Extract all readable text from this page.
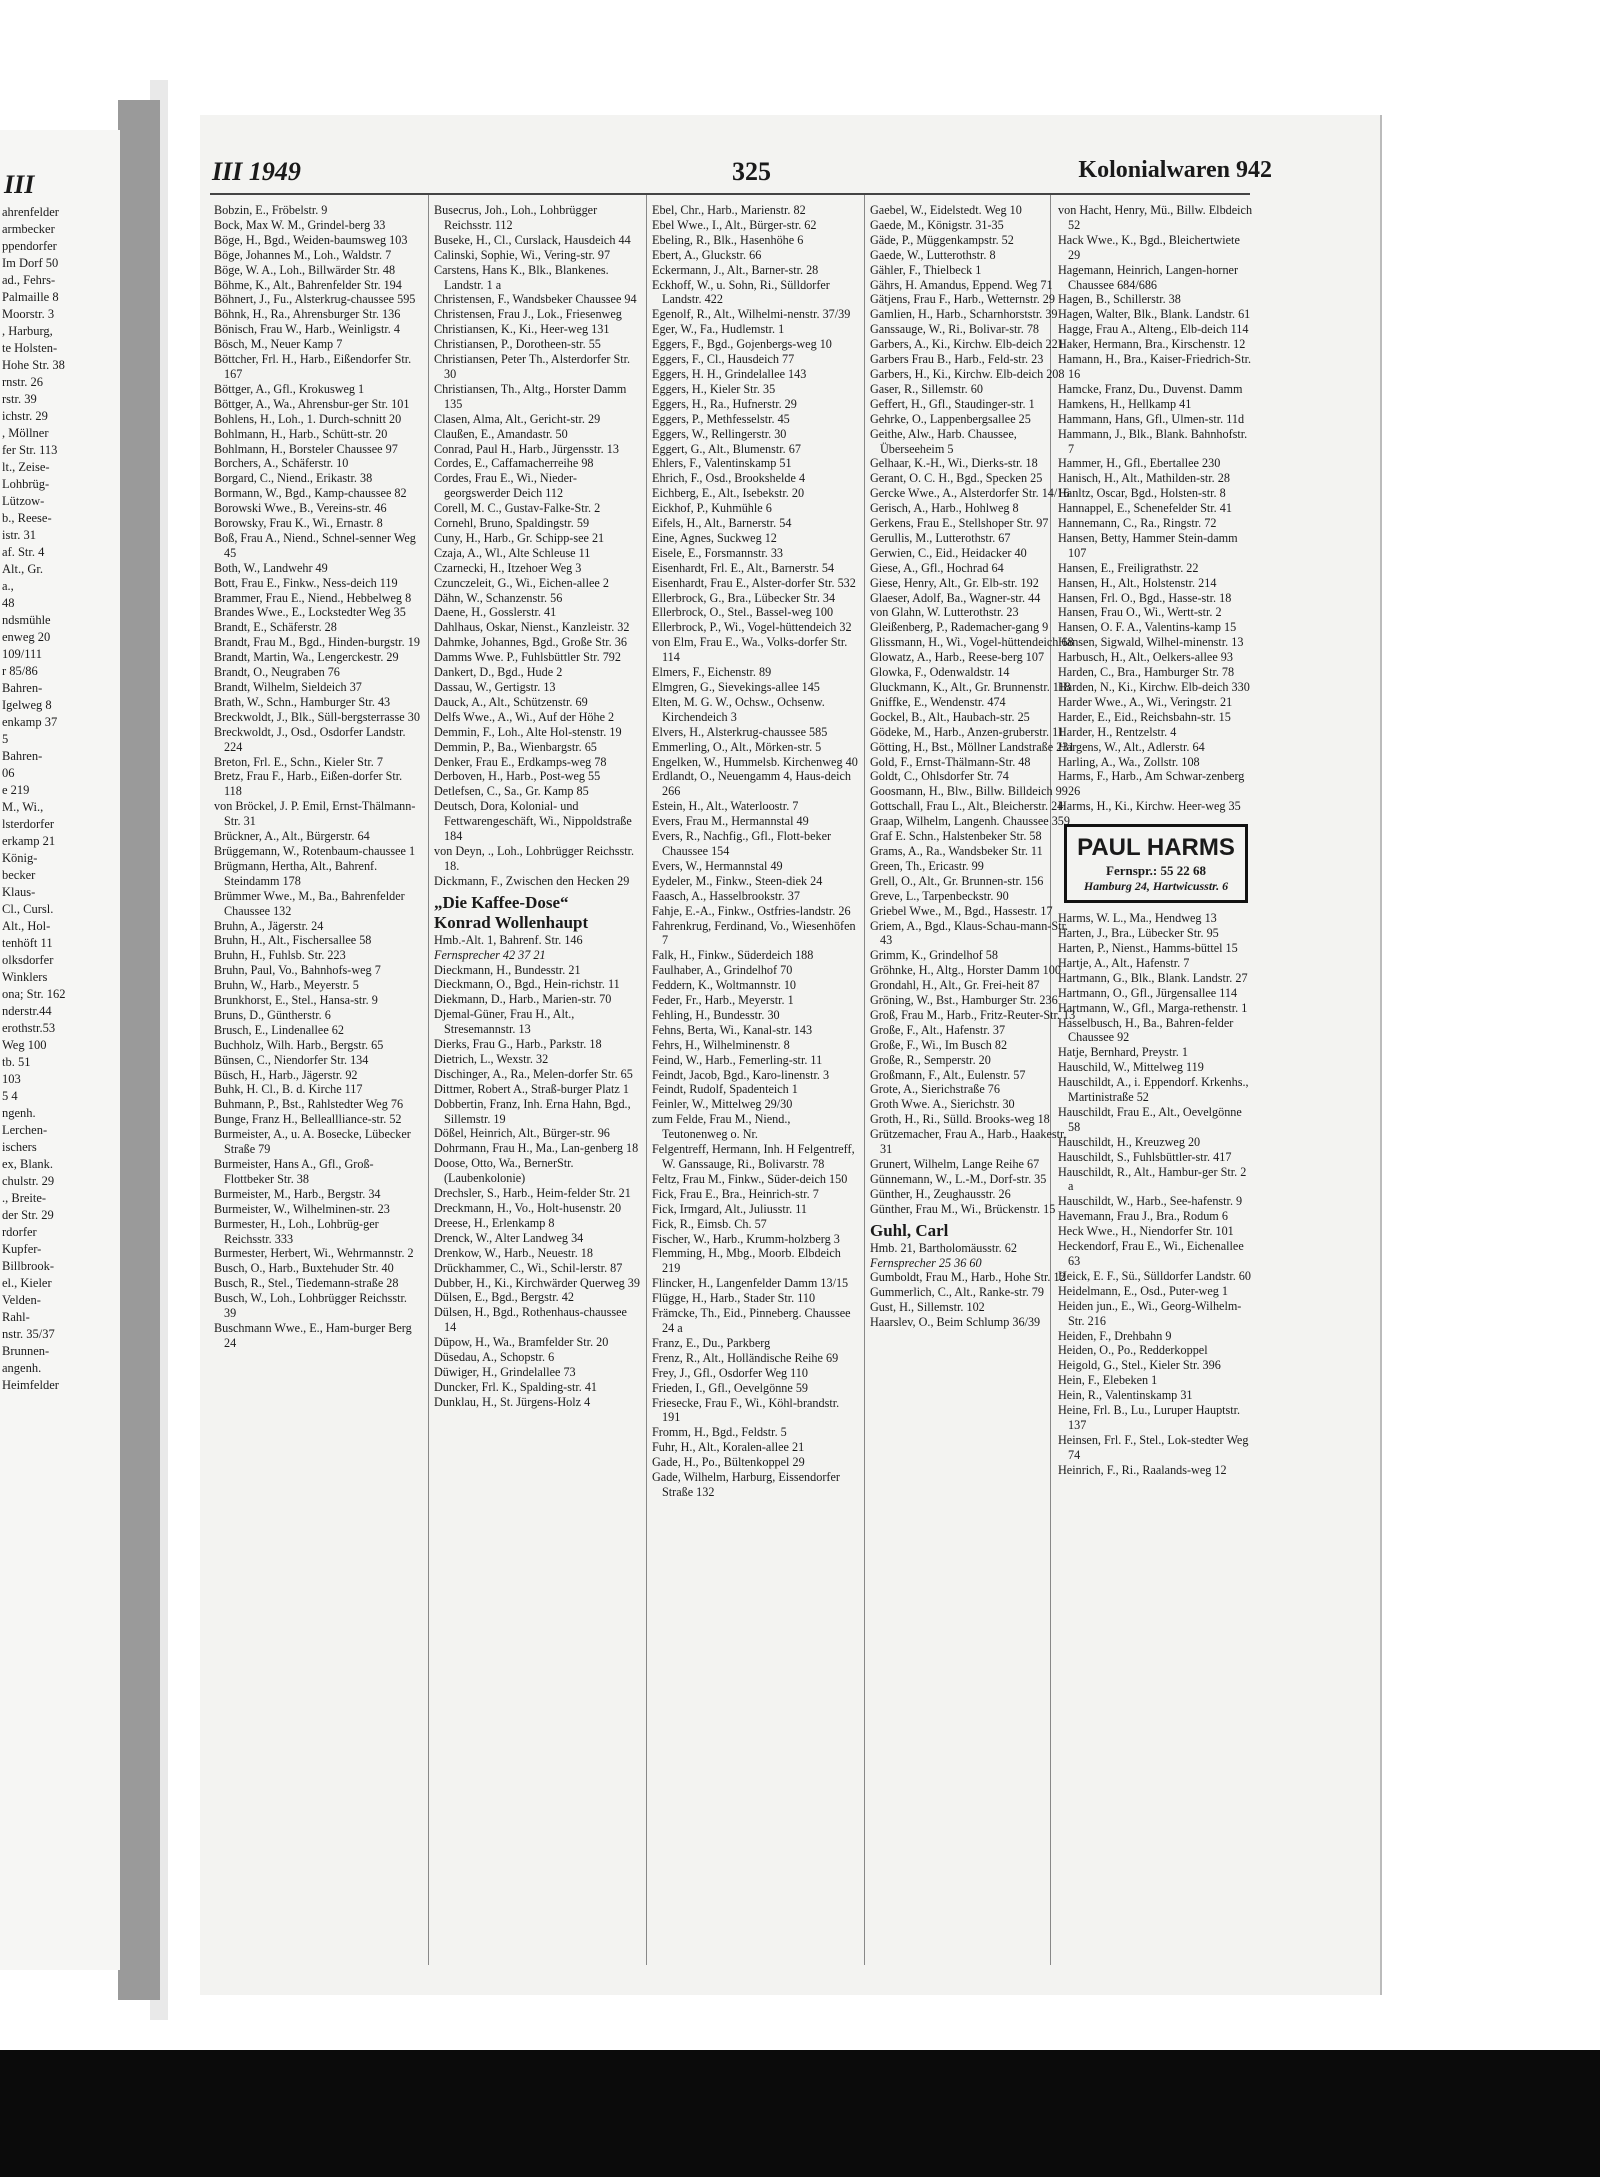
III
ahrenfelder
armbecker
ppendorfer
Im Dorf 50
ad., Fehrs-
Palmaille 8
Moorstr. 3
, Harburg,
te Holsten-
Hohe Str. 38
rnstr. 26
rstr. 39
ichstr. 29
, Möllner
fer Str. 113
lt., Zeise-
Lohbrüg-
Lützow-
b., Reese-
istr. 31
af. Str. 4
Alt., Gr.
a.,
48
ndsmühle
enweg 20
109/111
r 85/86
Bahren-
Igelweg 8
enkamp 37
5
Bahren-
06
e 219
M., Wi.,
lsterdorfer
erkamp 21
König-
becker
Klaus-
Cl., Cursl.
Alt., Hol-
tenhöft 11
olksdorfer
Winklers
ona; Str. 162
nderstr.44
erothstr.53
Weg 100
tb. 51
103
5 4
ngenh.
Lerchen-
ischers
ex, Blank.
chulstr. 29
., Breite-
der Str. 29
rdorfer
Kupfer-
Billbrook-
el., Kieler
Velden-
Rahl-
nstr. 35/37
Brunnen-
angenh.
Heimfelder
III 1949	325	Kolonialwaren 942

Bobzin, E., Fröbelstr. 9

Bock, Max W. M., Grindel-berg 33

Böge, H., Bgd., Weiden-baumsweg 103

Böge, Johannes M., Loh., Waldstr. 7

Böge, W. A., Loh., Billwärder Str. 48

Böhme, K., Alt., Bahrenfelder Str. 194

Böhnert, J., Fu., Alsterkrug-chaussee 595

Böhnk, H., Ra., Ahrensburger Str. 136

Bönisch, Frau W., Harb., Weinligstr. 4

Bösch, M., Neuer Kamp 7

Böttcher, Frl. H., Harb., Eißendorfer Str. 167

Böttger, A., Gfl., Krokusweg 1

Böttger, A., Wa., Ahrensbur-ger Str. 101

Bohlens, H., Loh., 1. Durch-schnitt 20

Bohlmann, H., Harb., Schütt-str. 20

Bohlmann, H., Borsteler Chaussee 97

Borchers, A., Schäferstr. 10

Borgard, C., Niend., Erikastr. 38

Bormann, W., Bgd., Kamp-chaussee 82

Borowski Wwe., B., Vereins-str. 46

Borowsky, Frau K., Wi., Ernastr. 8

Boß, Frau A., Niend., Schnel-senner Weg 45

Both, W., Landwehr 49

Bott, Frau E., Finkw., Ness-deich 119

Brammer, Frau E., Niend., Hebbelweg 8

Brandes Wwe., E., Lockstedter Weg 35

Brandt, E., Schäferstr. 28

Brandt, Frau M., Bgd., Hinden-burgstr. 19

Brandt, Martin, Wa., Lengerckestr. 29

Brandt, O., Neugraben 76

Brandt, Wilhelm, Sieldeich 37

Brath, W., Schn., Hamburger Str. 43

Breckwoldt, J., Blk., Süll-bergsterrasse 30

Breckwoldt, J., Osd., Osdorfer Landstr. 224

Breton, Frl. E., Schn., Kieler Str. 7

Bretz, Frau F., Harb., Eißen-dorfer Str. 118

von Bröckel, J. P. Emil, Ernst-Thälmann-Str. 31

Brückner, A., Alt., Bürgerstr. 64

Brüggemann, W., Rotenbaum-chaussee 1

Brügmann, Hertha, Alt., Bahrenf. Steindamm 178

Brümmer Wwe., M., Ba., Bahrenfelder Chaussee 132

Bruhn, A., Jägerstr. 24

Bruhn, H., Alt., Fischersallee 58

Bruhn, H., Fuhlsb. Str. 223

Bruhn, Paul, Vo., Bahnhofs-weg 7

Bruhn, W., Harb., Meyerstr. 5

Brunkhorst, E., Stel., Hansa-str. 9

Bruns, D., Güntherstr. 6

Brusch, E., Lindenallee 62

Buchholz, Wilh. Harb., Bergstr. 65

Bünsen, C., Niendorfer Str. 134

Büsch, H., Harb., Jägerstr. 92

Buhk, H. Cl., B. d. Kirche 117

Buhmann, P., Bst., Rahlstedter Weg 76

Bunge, Franz H., Belleallliance-str. 52

Burmeister, A., u. A. Bosecke, Lübecker Straße 79

Burmeister, Hans A., Gfl., Groß-Flottbeker Str. 38

Burmeister, M., Harb., Bergstr. 34

Burmeister, W., Wilhelminen-str. 23

Burmester, H., Loh., Lohbrüg-ger Reichsstr. 333

Burmester, Herbert, Wi., Wehrmannstr. 2

Busch, O., Harb., Buxtehuder Str. 40

Busch, R., Stel., Tiedemann-straße 28

Busch, W., Loh., Lohbrügger Reichsstr. 39

Buschmann Wwe., E., Ham-burger Berg 24

Busecrus, Joh., Loh., Lohbrügger Reichsstr. 112

Buseke, H., Cl., Curslack, Hausdeich 44

Calinski, Sophie, Wi., Vering-str. 97

Carstens, Hans K., Blk., Blankenes. Landstr. 1 a

Christensen, F., Wandsbeker Chaussee 94

Christensen, Frau J., Lok., Friesenweg

Christiansen, K., Ki., Heer-weg 131

Christiansen, P., Dorotheen-str. 55

Christiansen, Peter Th., Alsterdorfer Str. 30

Christiansen, Th., Altg., Horster Damm 135

Clasen, Alma, Alt., Gericht-str. 29

Claußen, E., Amandastr. 50

Conrad, Paul H., Harb., Jürgensstr. 13

Cordes, E., Caffamacherreihe 98

Cordes, Frau E., Wi., Nieder-georgswerder Deich 112

Corell, M. C., Gustav-Falke-Str. 2

Cornehl, Bruno, Spaldingstr. 59

Cuny, H., Harb., Gr. Schipp-see 21

Czaja, A., Wl., Alte Schleuse 11

Czarnecki, H., Itzehoer Weg 3

Czunczeleit, G., Wi., Eichen-allee 2

Dähn, W., Schanzenstr. 56

Daene, H., Gosslerstr. 41

Dahlhaus, Oskar, Nienst., Kanzleistr. 32

Dahmke, Johannes, Bgd., Große Str. 36

Damms Wwe. P., Fuhlsbüttler Str. 792

Dankert, D., Bgd., Hude 2

Dassau, W., Gertigstr. 13

Dauck, A., Alt., Schützenstr. 69

Delfs Wwe., A., Wi., Auf der Höhe 2

Demmin, F., Loh., Alte Hol-stenstr. 19

Demmin, P., Ba., Wienbargstr. 65

Denker, Frau E., Erdkamps-weg 78

Derboven, H., Harb., Post-weg 55

Detlefsen, C., Sa., Gr. Kamp 85

Deutsch, Dora, Kolonial- und Fettwarengeschäft, Wi., Nippoldstraße 184

von Deyn, ., Loh., Lohbrügger Reichsstr. 18.

Dickmann, F., Zwischen den Hecken 29

„Die Kaffee-Dose“
Konrad Wollenhaupt
Hmb.-Alt. 1, Bahrenf. Str. 146
Fernsprecher 42 37 21

Dieckmann, H., Bundesstr. 21

Dieckmann, O., Bgd., Hein-richstr. 11

Diekmann, D., Harb., Marien-str. 70

Djemal-Güner, Frau H., Alt., Stresemannstr. 13

Dierks, Frau G., Harb., Parkstr. 18

Dietrich, L., Wexstr. 32

Dischinger, A., Ra., Melen-dorfer Str. 65

Dittmer, Robert A., Straß-burger Platz 1

Dobbertin, Franz, Inh. Erna Hahn, Bgd., Sillemstr. 19

Dößel, Heinrich, Alt., Bürger-str. 96

Dohrmann, Frau H., Ma., Lan-genberg 18

Doose, Otto, Wa., BernerStr. (Laubenkolonie)

Drechsler, S., Harb., Heim-felder Str. 21

Dreckmann, H., Vo., Holt-husenstr. 20

Dreese, H., Erlenkamp 8

Drenck, W., Alter Landweg 34

Drenkow, W., Harb., Neuestr. 18

Drückhammer, C., Wi., Schil-lerstr. 87

Dubber, H., Ki., Kirchwärder Querweg 39

Dülsen, E., Bgd., Bergstr. 42

Dülsen, H., Bgd., Rothenhaus-chaussee 14

Düpow, H., Wa., Bramfelder Str. 20

Düsedau, A., Schopstr. 6

Düwiger, H., Grindelallee 73

Duncker, Frl. K., Spalding-str. 41

Dunklau, H., St. Jürgens-Holz 4

Ebel, Chr., Harb., Marienstr. 82

Ebel Wwe., I., Alt., Bürger-str. 62

Ebeling, R., Blk., Hasenhöhe 6

Ebert, A., Gluckstr. 66

Eckermann, J., Alt., Barner-str. 28

Eckhoff, W., u. Sohn, Ri., Sülldorfer Landstr. 422

Egenolf, R., Alt., Wilhelmi-nenstr. 37/39

Eger, W., Fa., Hudlemstr. 1

Eggers, F., Bgd., Gojenbergs-weg 10

Eggers, F., Cl., Hausdeich 77

Eggers, H. H., Grindelallee 143

Eggers, H., Kieler Str. 35

Eggers, H., Ra., Hufnerstr. 29

Eggers, P., Methfesselstr. 45

Eggers, W., Rellingerstr. 30

Eggert, G., Alt., Blumenstr. 67

Ehlers, F., Valentinskamp 51

Ehrich, F., Osd., Brookshelde 4

Eichberg, E., Alt., Isebekstr. 20

Eickhof, P., Kuhmühle 6

Eifels, H., Alt., Barnerstr. 54

Eine, Agnes, Suckweg 12

Eisele, E., Forsmannstr. 33

Eisenhardt, Frl. E., Alt., Barnerstr. 54

Eisenhardt, Frau E., Alster-dorfer Str. 532

Ellerbrock, G., Bra., Lübecker Str. 34

Ellerbrock, O., Stel., Bassel-weg 100

Ellerbrock, P., Wi., Vogel-hüttendeich 32

von Elm, Frau E., Wa., Volks-dorfer Str. 114

Elmers, F., Eichenstr. 89

Elmgren, G., Sievekings-allee 145

Elten, M. G. W., Ochsw., Ochsenw. Kirchendeich 3

Elvers, H., Alsterkrug-chaussee 585

Emmerling, O., Alt., Mörken-str. 5

Engelken, W., Hummelsb. Kirchenweg 40

Erdlandt, O., Neuengamm 4, Haus-deich 266

Estein, H., Alt., Waterloostr. 7

Evers, Frau M., Hermannstal 49

Evers, R., Nachfig., Gfl., Flott-beker Chaussee 154

Evers, W., Hermannstal 49

Eydeler, M., Finkw., Steen-diek 24

Faasch, A., Hasselbrookstr. 37

Fahje, E.-A., Finkw., Ostfries-landstr. 26

Fahrenkrug, Ferdinand, Vo., Wiesenhöfen 7

Falk, H., Finkw., Süderdeich 188

Faulhaber, A., Grindelhof 70

Feddern, K., Woltmannstr. 10

Feder, Fr., Harb., Meyerstr. 1

Fehling, H., Bundesstr. 30

Fehns, Berta, Wi., Kanal-str. 143

Fehrs, H., Wilhelminenstr. 8

Feind, W., Harb., Femerling-str. 11

Feindt, Jacob, Bgd., Karo-linenstr. 3

Feindt, Rudolf, Spadenteich 1

Feinler, W., Mittelweg 29/30

zum Felde, Frau M., Niend., Teutonenweg o. Nr.

Felgentreff, Hermann, Inh. H Felgentreff, W. Ganssauge, Ri., Bolivarstr. 78

Feltz, Frau M., Finkw., Süder-deich 150

Fick, Frau E., Bra., Heinrich-str. 7

Fick, Irmgard, Alt., Juliusstr. 11

Fick, R., Eimsb. Ch. 57

Fischer, W., Harb., Krumm-holzberg 3

Flemming, H., Mbg., Moorb. Elbdeich 219

Flincker, H., Langenfelder Damm 13/15

Flügge, H., Harb., Stader Str. 110

Främcke, Th., Eid., Pinneberg. Chaussee 24 a

Franz, E., Du., Parkberg

Frenz, R., Alt., Holländische Reihe 69

Frey, J., Gfl., Osdorfer Weg 110

Frieden, I., Gfl., Oevelgönne 59

Friesecke, Frau F., Wi., Köhl-brandstr. 191

Fromm, H., Bgd., Feldstr. 5

Fuhr, H., Alt., Koralen-allee 21

Gade, H., Po., Bültenkoppel 29

Gade, Wilhelm, Harburg, Eissendorfer Straße 132

Gaebel, W., Eidelstedt. Weg 10

Gaede, M., Königstr. 31-35

Gäde, P., Müggenkampstr. 52

Gaede, W., Lutterothstr. 8

Gähler, F., Thielbeck 1

Gährs, H. Amandus, Eppend. Weg 71

Gätjens, Frau F., Harb., Wetternstr. 29

Gamlien, H., Harb., Scharnhorststr. 39

Ganssauge, W., Ri., Bolivar-str. 78

Garbers, A., Ki., Kirchw. Elb-deich 221

Garbers Frau B., Harb., Feld-str. 23

Garbers, H., Ki., Kirchw. Elb-deich 208

Gaser, R., Sillemstr. 60

Geffert, H., Gfl., Staudinger-str. 1

Gehrke, O., Lappenbergsallee 25

Geithe, Alw., Harb. Chaussee, Überseeheim 5

Gelhaar, K.-H., Wi., Dierks-str. 18

Gerant, O. C. H., Bgd., Specken 25

Gercke Wwe., A., Alsterdorfer Str. 14/16

Gerisch, A., Harb., Hohlweg 8

Gerkens, Frau E., Stellshoper Str. 97

Gerullis, M., Lutterothstr. 67

Gerwien, C., Eid., Heidacker 40

Giese, A., Gfl., Hochrad 64

Giese, Henry, Alt., Gr. Elb-str. 192

Glaeser, Adolf, Ba., Wagner-str. 44

von Glahn, W. Lutterothstr. 23

Gleißenberg, P., Rademacher-gang 9

Glissmann, H., Wi., Vogel-hüttendeich 68

Glowatz, A., Harb., Reese-berg 107

Glowka, F., Odenwaldstr. 14

Gluckmann, K., Alt., Gr. Brunnenstr. 118

Gniffke, E., Wendenstr. 474

Gockel, B., Alt., Haubach-str. 25

Gödeke, M., Harb., Anzen-gruberstr. 11

Götting, H., Bst., Möllner Landstraße 231

Gold, F., Ernst-Thälmann-Str. 48

Goldt, C., Ohlsdorfer Str. 74

Goosmann, H., Blw., Billw. Billdeich 99

Gottschall, Frau L., Alt., Bleicherstr. 24

Graap, Wilhelm, Langenh. Chaussee 359

Graf E. Schn., Halstenbeker Str. 58

Grams, A., Ra., Wandsbeker Str. 11

Green, Th., Ericastr. 99

Grell, O., Alt., Gr. Brunnen-str. 156

Greve, L., Tarpenbeckstr. 90

Griebel Wwe., M., Bgd., Hassestr. 17

Griem, A., Bgd., Klaus-Schau-mann-Str. 43

Grimm, K., Grindelhof 58

Gröhnke, H., Altg., Horster Damm 100

Grondahl, H., Alt., Gr. Frei-heit 87

Gröning, W., Bst., Hamburger Str. 236

Groß, Frau M., Harb., Fritz-Reuter-Str. 13

Große, F., Alt., Hafenstr. 37

Große, F., Wi., Im Busch 82

Große, R., Semperstr. 20

Großmann, F., Alt., Eulenstr. 57

Grote, A., Sierichstraße 76

Groth Wwe. A., Sierichstr. 30

Groth, H., Ri., Sülld. Brooks-weg 18

Grützemacher, Frau A., Harb., Haakestr. 31

Grunert, Wilhelm, Lange Reihe 67

Günnemann, W., L.-M., Dorf-str. 35

Günther, H., Zeughausstr. 26

Günther, Frau M., Wi., Brückenstr. 15

Guhl, Carl
Hmb. 21, Bartholomäusstr. 62
Fernsprecher 25 36 60

Gumboldt, Frau M., Harb., Hohe Str. 12

Gummerlich, C., Alt., Ranke-str. 79

Gust, H., Sillemstr. 102

Haarslev, O., Beim Schlump 36/39

von Hacht, Henry, Mü., Billw. Elbdeich 52

Hack Wwe., K., Bgd., Bleichertwiete 29

Hagemann, Heinrich, Langen-horner Chaussee 684/686

Hagen, B., Schillerstr. 38

Hagen, Walter, Blk., Blank. Landstr. 61

Hagge, Frau A., Alteng., Elb-deich 114

Haker, Hermann, Bra., Kirschenstr. 12

Hamann, H., Bra., Kaiser-Friedrich-Str. 16

Hamcke, Franz, Du., Duvenst. Damm

Hamkens, H., Hellkamp 41

Hammann, Hans, Gfl., Ulmen-str. 11d

Hammann, J., Blk., Blank. Bahnhofstr. 7

Hammer, H., Gfl., Ebertallee 230

Hanisch, H., Alt., Mathilden-str. 28

Hanltz, Oscar, Bgd., Holsten-str. 8

Hannappel, E., Schenefelder Str. 41

Hannemann, C., Ra., Ringstr. 72

Hansen, Betty, Hammer Stein-damm 107

Hansen, E., Freiligrathstr. 22

Hansen, H., Alt., Holstenstr. 214

Hansen, Frl. O., Bgd., Hasse-str. 18

Hansen, Frau O., Wi., Wertt-str. 2

Hansen, O. F. A., Valentins-kamp 15

Hansen, Sigwald, Wilhel-minenstr. 13

Harbusch, H., Alt., Oelkers-allee 93

Harden, C., Bra., Hamburger Str. 78

Harden, N., Ki., Kirchw. Elb-deich 330

Harder Wwe., A., Wi., Veringstr. 21

Harder, E., Eid., Reichsbahn-str. 15

Harder, H., Rentzelstr. 4

Hargens, W., Alt., Adlerstr. 64

Harling, A., Wa., Zollstr. 108

Harms, F., Harb., Am Schwar-zenberg 26

Harms, H., Ki., Kirchw. Heer-weg 35

PAUL HARMS
Fernspr.: 55 22 68
Hamburg 24, Hartwicusstr. 6

Harms, W. L., Ma., Hendweg 13

Harten, J., Bra., Lübecker Str. 95

Harten, P., Nienst., Hamms-büttel 15

Hartje, A., Alt., Hafenstr. 7

Hartmann, G., Blk., Blank. Landstr. 27

Hartmann, O., Gfl., Jürgensallee 114

Hartmann, W., Gfl., Marga-rethenstr. 1

Hasselbusch, H., Ba., Bahren-felder Chaussee 92

Hatje, Bernhard, Preystr. 1

Hauschild, W., Mittelweg 119

Hauschildt, A., i. Eppendorf. Krkenhs., Martinistraße 52

Hauschildt, Frau E., Alt., Oevelgönne 58

Hauschildt, H., Kreuzweg 20

Hauschildt, S., Fuhlsbüttler-str. 417

Hauschildt, R., Alt., Hambur-ger Str. 2 a

Hauschildt, W., Harb., See-hafenstr. 9

Havemann, Frau J., Bra., Rodum 6

Heck Wwe., H., Niendorfer Str. 101

Heckendorf, Frau E., Wi., Eichenallee 63

Heick, E. F., Sü., Sülldorfer Landstr. 60

Heidelmann, E., Osd., Puter-weg 1

Heiden jun., E., Wi., Georg-Wilhelm-Str. 216

Heiden, F., Drehbahn 9

Heiden, O., Po., Redderkoppel

Heigold, G., Stel., Kieler Str. 396

Hein, F., Elebeken 1

Hein, R., Valentinskamp 31

Heine, Frl. B., Lu., Luruper Hauptstr. 137

Heinsen, Frl. F., Stel., Lok-stedter Weg 74

Heinrich, F., Ri., Raalands-weg 12
